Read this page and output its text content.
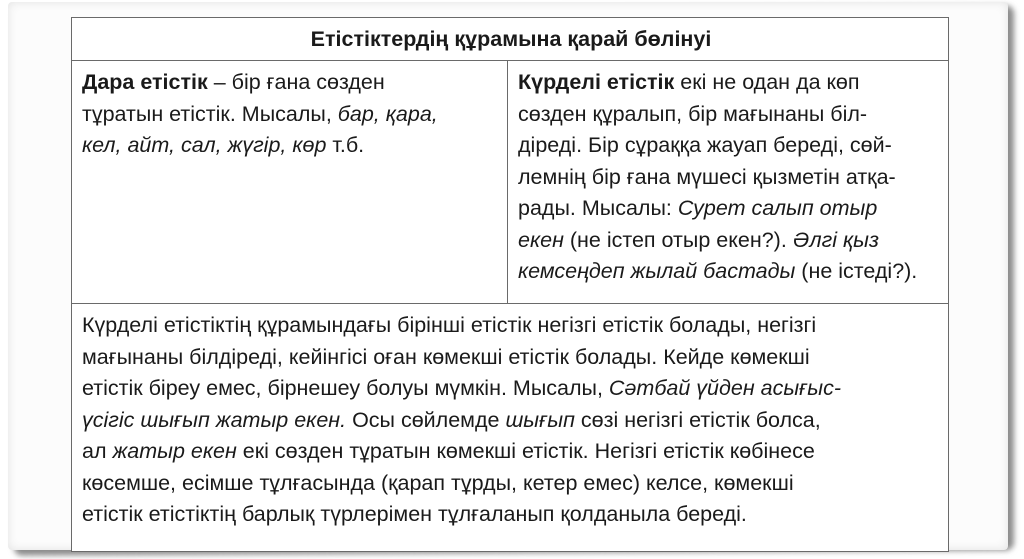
Етістіктердің құрамына қарай бөлінуі

Дара етістік – бір ғана сөзден
тұратын етістік. Мысалы, бар, қара,
кел, айт, сал, жүгір, көр т.б.

Күрделі етістік екі не одан да көп
сөзден құралып, бір мағынаны біл-
діреді. Бір сұраққа жауап береді, сөй-
лемнің бір ғана мүшесі қызметін атқа-
рады. Мысалы: Сурет салып отыр
екен (не істеп отыр екен?). Әлгі қыз
кемсеңдеп жылай бастады (не істеді?).

Күрделі етістіктің құрамындағы бірінші етістік негізгі етістік болады, негізгі
мағынаны білдіреді, кейінгісі оған көмекші етістік болады. Кейде көмекші
етістік біреу емес, бірнешеу болуы мүмкін. Мысалы, Сәтбай үйден асығыс-
үсігіс шығып жатыр екен. Осы сөйлемде шығып сөзі негізгі етістік болса,
ал жатыр екен екі сөзден тұратын көмекші етістік. Негізгі етістік көбінесе
көсемше, есімше тұлғасында (қарап тұрды, кетер емес) келсе, көмекші
етістік етістіктің барлық түрлерімен тұлғаланып қолданыла береді.
